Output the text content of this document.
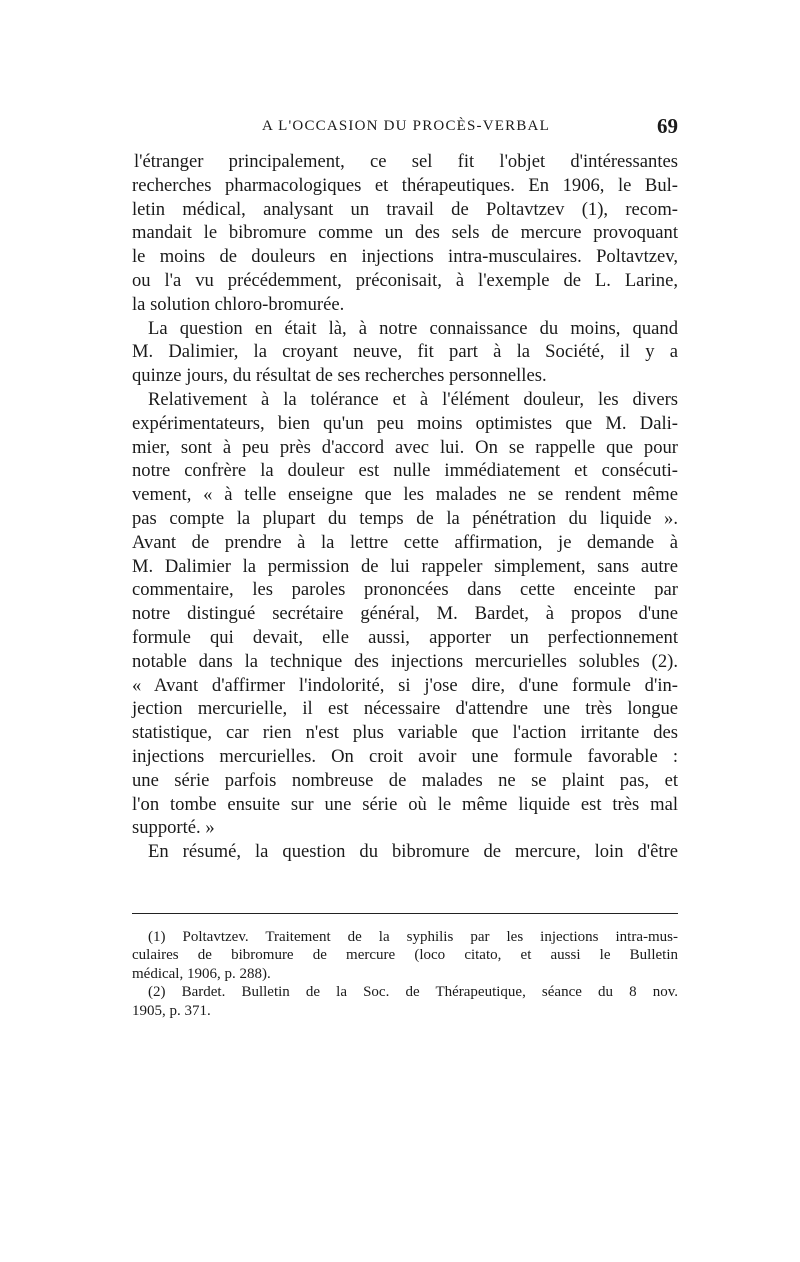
A L'OCCASION DU PROCÈS-VERBAL	69
l'étranger principalement, ce sel fit l'objet d'intéressantes
recherches pharmacologiques et thérapeutiques. En 1906, le Bul-
letin médical, analysant un travail de Poltavtzev (1), recom-
mandait le bibromure comme un des sels de mercure provoquant
le moins de douleurs en injections intra-musculaires. Poltavtzev,
ou l'a vu précédemment, préconisait, à l'exemple de L. Larine,
la solution chloro-bromurée.
La question en était là, à notre connaissance du moins, quand
M. Dalimier, la croyant neuve, fit part à la Société, il y a
quinze jours, du résultat de ses recherches personnelles.
Relativement à la tolérance et à l'élément douleur, les divers
expérimentateurs, bien qu'un peu moins optimistes que M. Dali-
mier, sont à peu près d'accord avec lui. On se rappelle que pour
notre confrère la douleur est nulle immédiatement et consécuti-
vement, « à telle enseigne que les malades ne se rendent même
pas compte la plupart du temps de la pénétration du liquide ».
Avant de prendre à la lettre cette affirmation, je demande à
M. Dalimier la permission de lui rappeler simplement, sans autre
commentaire, les paroles prononcées dans cette enceinte par
notre distingué secrétaire général, M. Bardet, à propos d'une
formule qui devait, elle aussi, apporter un perfectionnement
notable dans la technique des injections mercurielles solubles (2).
« Avant d'affirmer l'indolorité, si j'ose dire, d'une formule d'in-
jection mercurielle, il est nécessaire d'attendre une très longue
statistique, car rien n'est plus variable que l'action irritante des
injections mercurielles. On croit avoir une formule favorable :
une série parfois nombreuse de malades ne se plaint pas, et
l'on tombe ensuite sur une série où le même liquide est très mal
supporté. »
En résumé, la question du bibromure de mercure, loin d'être
(1) Poltavtzev. Traitement de la syphilis par les injections intra-mus-
culaires de bibromure de mercure (loco citato, et aussi le Bulletin
médical, 1906, p. 288).
(2) Bardet. Bulletin de la Soc. de Thérapeutique, séance du 8 nov.
1905, p. 371.
